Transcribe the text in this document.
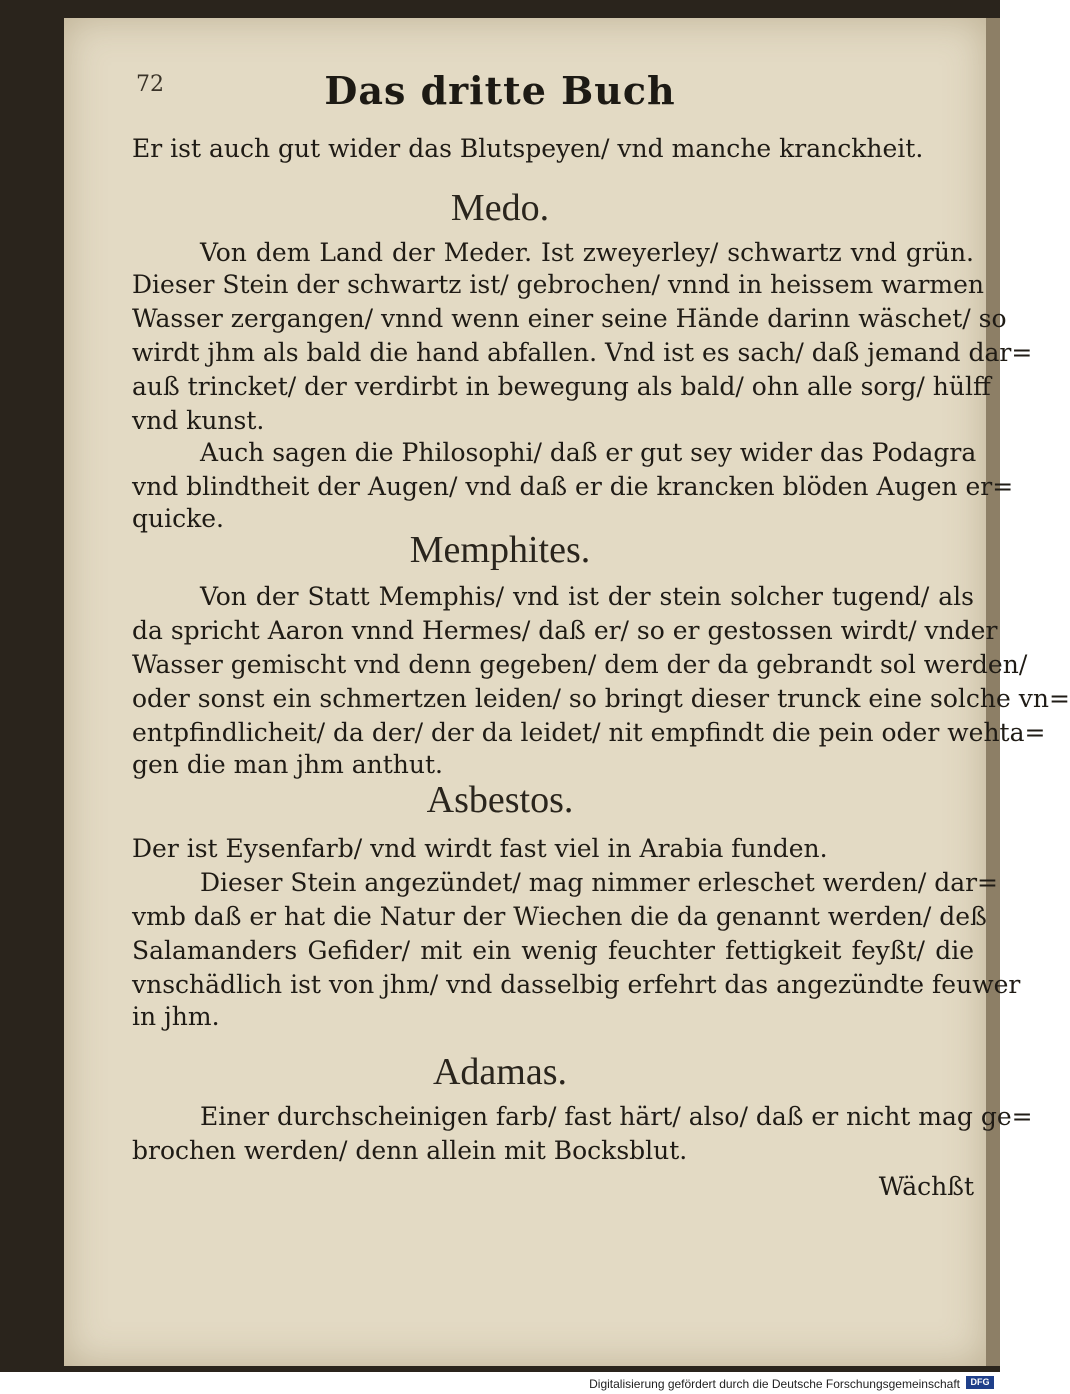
72	Das dritte Buch
Er ist auch gut wider das Blutspeyen/ vnd manche kranckheit.
Medo.
Von dem Land der Meder. Ist zweyerley/ schwartz vnd grün.
Dieser Stein der schwartz ist/ gebrochen/ vnnd in heissem warmen
Wasser zergangen/ vnnd wenn einer seine Hände darinn wäschet/ so
wirdt jhm als bald die hand abfallen. Vnd ist es sach/ daß jemand dar=
auß trincket/ der verdirbt in bewegung als bald/ ohn alle sorg/ hülff
vnd kunst.
Auch sagen die Philosophi/ daß er gut sey wider das Podagra
vnd blindtheit der Augen/ vnd daß er die krancken blöden Augen er=
quicke.
Memphites.
Von der Statt Memphis/ vnd ist der stein solcher tugend/ als
da spricht Aaron vnnd Hermes/ daß er/ so er gestossen wirdt/ vnder
Wasser gemischt vnd denn gegeben/ dem der da gebrandt sol werden/
oder sonst ein schmertzen leiden/ so bringt dieser trunck eine solche vn=
entpfindlicheit/ da der/ der da leidet/ nit empfindt die pein oder wehta=
gen die man jhm anthut.
Asbestos.
Der ist Eysenfarb/ vnd wirdt fast viel in Arabia funden.
Dieser Stein angezündet/ mag nimmer erleschet werden/ dar=
vmb daß er hat die Natur der Wiechen die da genannt werden/ deß
Salamanders Gefider/ mit ein wenig feuchter fettigkeit feyßt/ die
vnschädlich ist von jhm/ vnd dasselbig erfehrt das angezündte feuwer
in jhm.
Adamas.
Einer durchscheinigen farb/ fast härt/ also/ daß er nicht mag ge=
brochen werden/ denn allein mit Bocksblut.
Wächßt
Digitalisierung gefördert durch die Deutsche Forschungsgemeinschaft	DFG
